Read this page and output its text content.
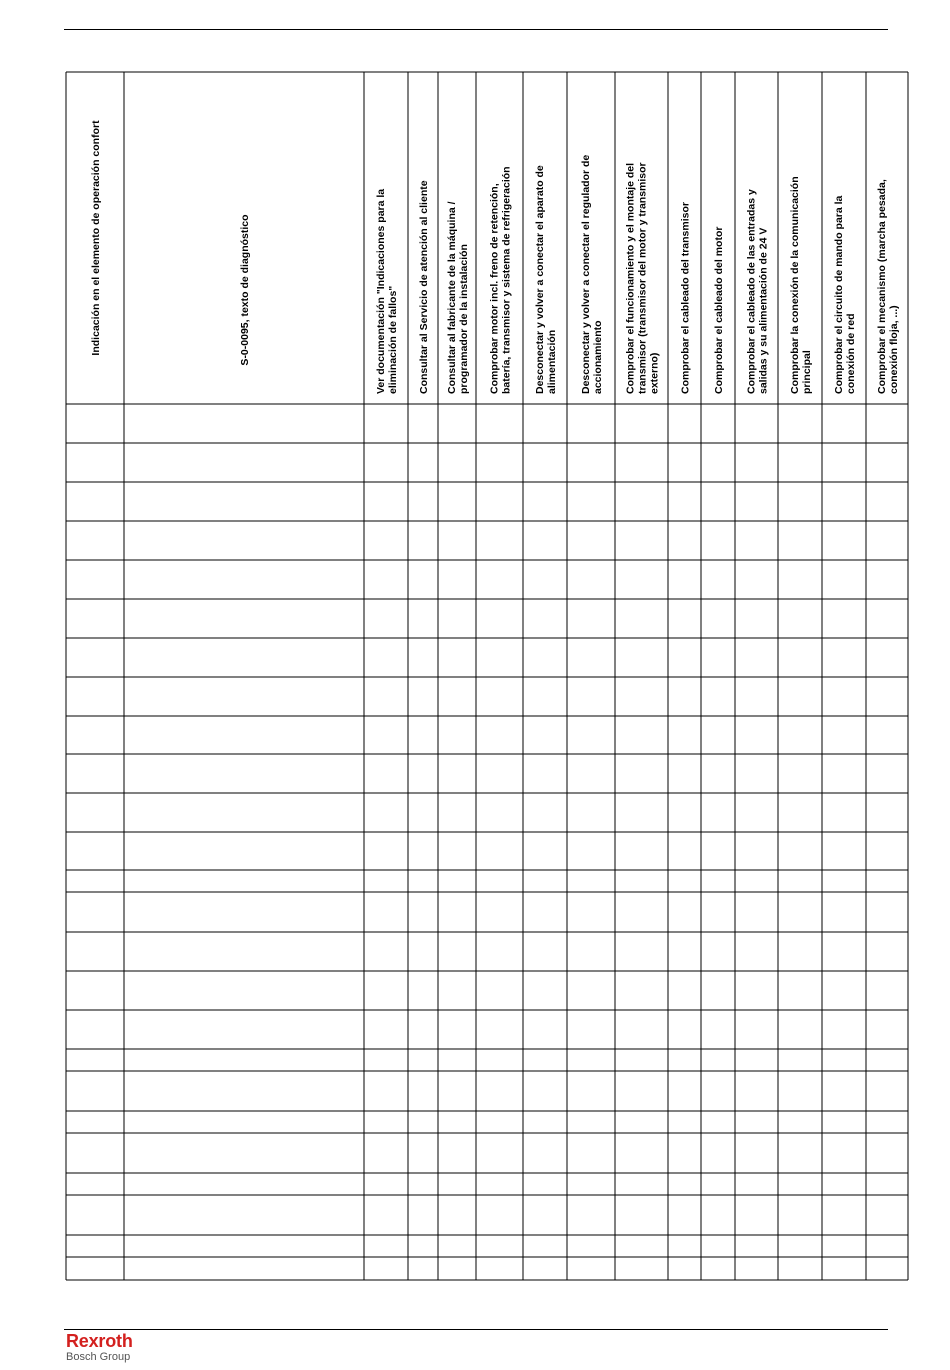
Indicación en el elemento de operación confort	S-0-0095, texto de diagnóstico	Ver documentación "Indicaciones para la eliminación de fallos" Consultar al Servicio de atención al cliente Consultar al fabricante de la máquina / programador de la instalación Comprobar motor incl. freno de retención, batería, transmisor y sistema de refrigeración Desconectar y volver a conectar el aparato de alimentación Desconectar y volver a conectar el regulador de accionamiento Comprobar el funcionamiento y el montaje del transmisor (transmisor del motor y transmisor externo) Comprobar el cableado del transmisor Comprobar el cableado del motor Comprobar el cableado de las entradas y salidas y su alimentación de 24 V Comprobar la conexión de la comunicación principal Comprobar el circuito de mando para la conexión de red Comprobar el mecanismo (marcha pesada, conexión floja, ...)
Rexroth
Bosch Group
